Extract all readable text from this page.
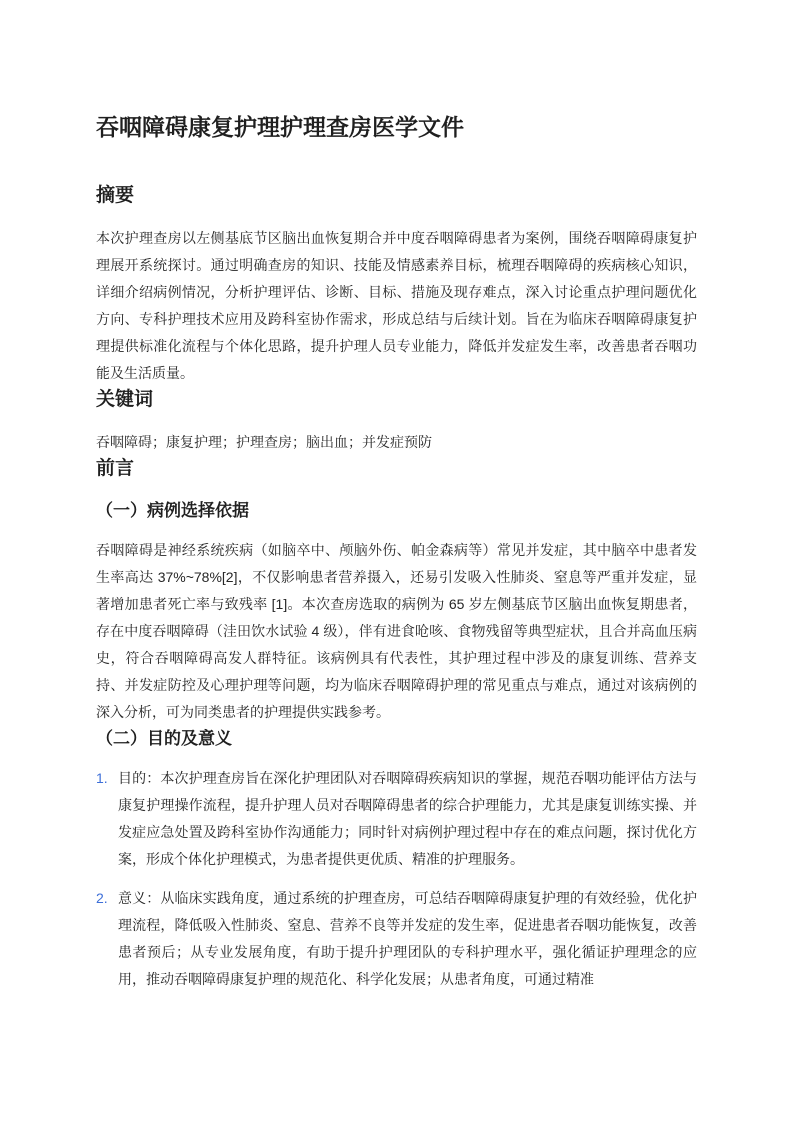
吞咽障碍康复护理护理查房医学文件
摘要

本次护理查房以左侧基底节区脑出血恢复期合并中度吞咽障碍患者为案例，围绕吞咽障碍康复护理展开系统探讨。通过明确查房的知识、技能及情感素养目标，梳理吞咽障碍的疾病核心知识，详细介绍病例情况，分析护理评估、诊断、目标、措施及现存难点，深入讨论重点护理问题优化方向、专科护理技术应用及跨科室协作需求，形成总结与后续计划。旨在为临床吞咽障碍康复护理提供标准化流程与个体化思路，提升护理人员专业能力，降低并发症发生率，改善患者吞咽功能及生活质量。

关键词

吞咽障碍；康复护理；护理查房；脑出血；并发症预防

前言
（一）病例选择依据

吞咽障碍是神经系统疾病（如脑卒中、颅脑外伤、帕金森病等）常见并发症，其中脑卒中患者发生率高达 37%~78%[2]，不仅影响患者营养摄入，还易引发吸入性肺炎、窒息等严重并发症，显著增加患者死亡率与致残率 [1]。本次查房选取的病例为 65 岁左侧基底节区脑出血恢复期患者，存在中度吞咽障碍（洼田饮水试验 4 级），伴有进食呛咳、食物残留等典型症状，且合并高血压病史，符合吞咽障碍高发人群特征。该病例具有代表性，其护理过程中涉及的康复训练、营养支持、并发症防控及心理护理等问题，均为临床吞咽障碍护理的常见重点与难点，通过对该病例的深入分析，可为同类患者的护理提供实践参考。

（二）目的及意义
1. 目的：本次护理查房旨在深化护理团队对吞咽障碍疾病知识的掌握，规范吞咽功能评估方法与康复护理操作流程，提升护理人员对吞咽障碍患者的综合护理能力，尤其是康复训练实操、并发症应急处置及跨科室协作沟通能力；同时针对病例护理过程中存在的难点问题，探讨优化方案，形成个体化护理模式，为患者提供更优质、精准的护理服务。
2. 意义：从临床实践角度，通过系统的护理查房，可总结吞咽障碍康复护理的有效经验，优化护理流程，降低吸入性肺炎、窒息、营养不良等并发症的发生率，促进患者吞咽功能恢复，改善患者预后；从专业发展角度，有助于提升护理团队的专科护理水平，强化循证护理理念的应用，推动吞咽障碍康复护理的规范化、科学化发展；从患者角度，可通过精准
